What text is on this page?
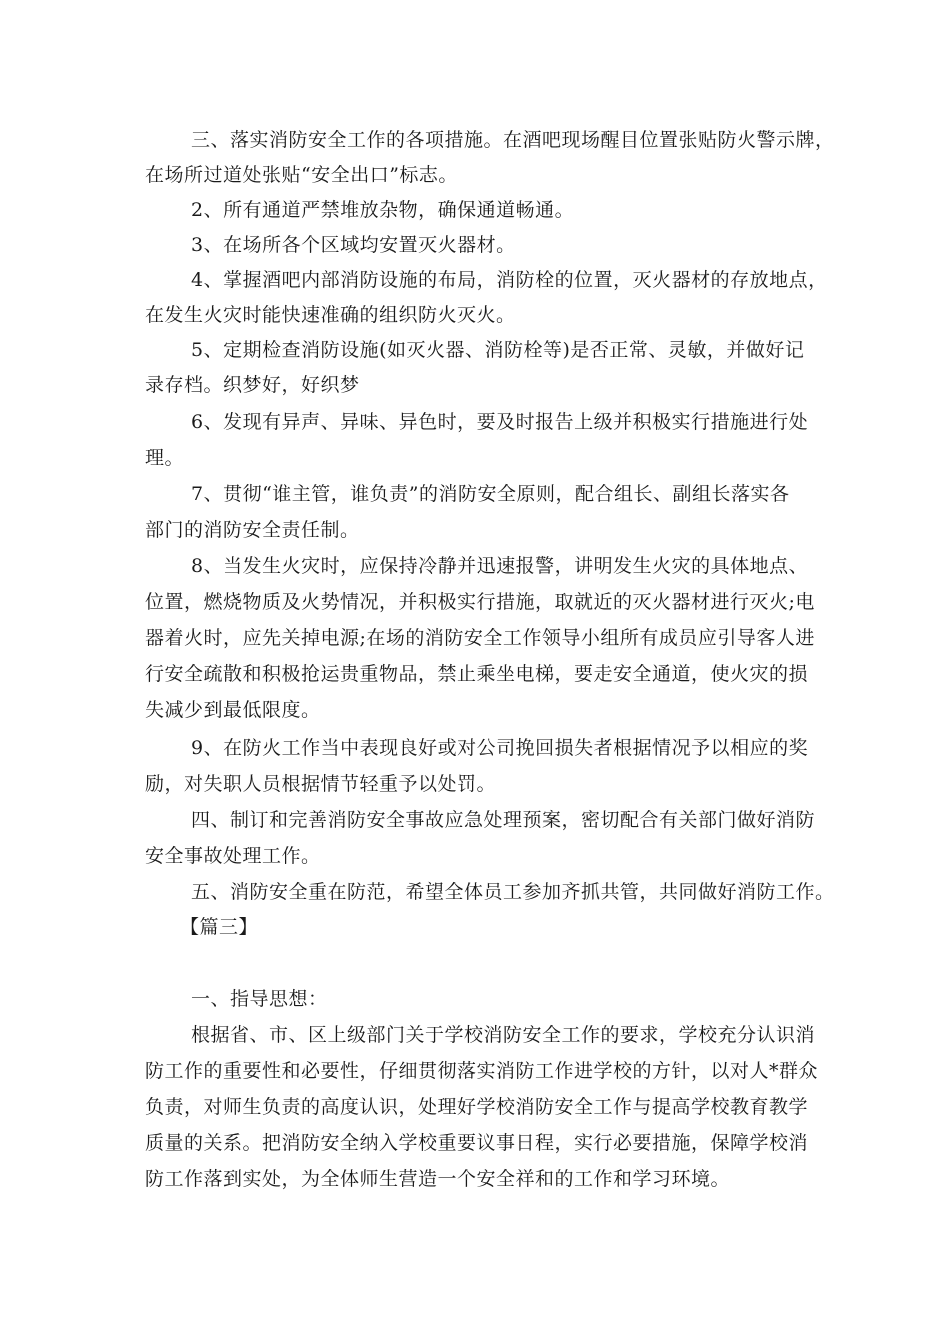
三、落实消防安全工作的各项措施。在酒吧现场醒目位置张贴防火警示牌，
在场所过道处张贴“安全出口”标志。
2、所有通道严禁堆放杂物，确保通道畅通。
3、在场所各个区域均安置灭火器材。
4、掌握酒吧内部消防设施的布局，消防栓的位置，灭火器材的存放地点，
在发生火灾时能快速准确的组织防火灭火。
5、定期检查消防设施(如灭火器、消防栓等)是否正常、灵敏，并做好记
录存档。织梦好，好织梦
6、发现有异声、异味、异色时，要及时报告上级并积极实行措施进行处
理。
7、贯彻“谁主管，谁负责”的消防安全原则，配合组长、副组长落实各
部门的消防安全责任制。
8、当发生火灾时，应保持冷静并迅速报警，讲明发生火灾的具体地点、
位置，燃烧物质及火势情况，并积极实行措施，取就近的灭火器材进行灭火;电
器着火时，应先关掉电源;在场的消防安全工作领导小组所有成员应引导客人进
行安全疏散和积极抢运贵重物品，禁止乘坐电梯，要走安全通道，使火灾的损
失减少到最低限度。
9、在防火工作当中表现良好或对公司挽回损失者根据情况予以相应的奖
励，对失职人员根据情节轻重予以处罚。
四、制订和完善消防安全事故应急处理预案，密切配合有关部门做好消防
安全事故处理工作。
五、消防安全重在防范，希望全体员工参加齐抓共管，共同做好消防工作。
【篇三】
一、指导思想：
根据省、市、区上级部门关于学校消防安全工作的要求，学校充分认识消
防工作的重要性和必要性，仔细贯彻落实消防工作进学校的方针，以对人*群众
负责，对师生负责的高度认识，处理好学校消防安全工作与提高学校教育教学
质量的关系。把消防安全纳入学校重要议事日程，实行必要措施，保障学校消
防工作落到实处，为全体师生营造一个安全祥和的工作和学习环境。
